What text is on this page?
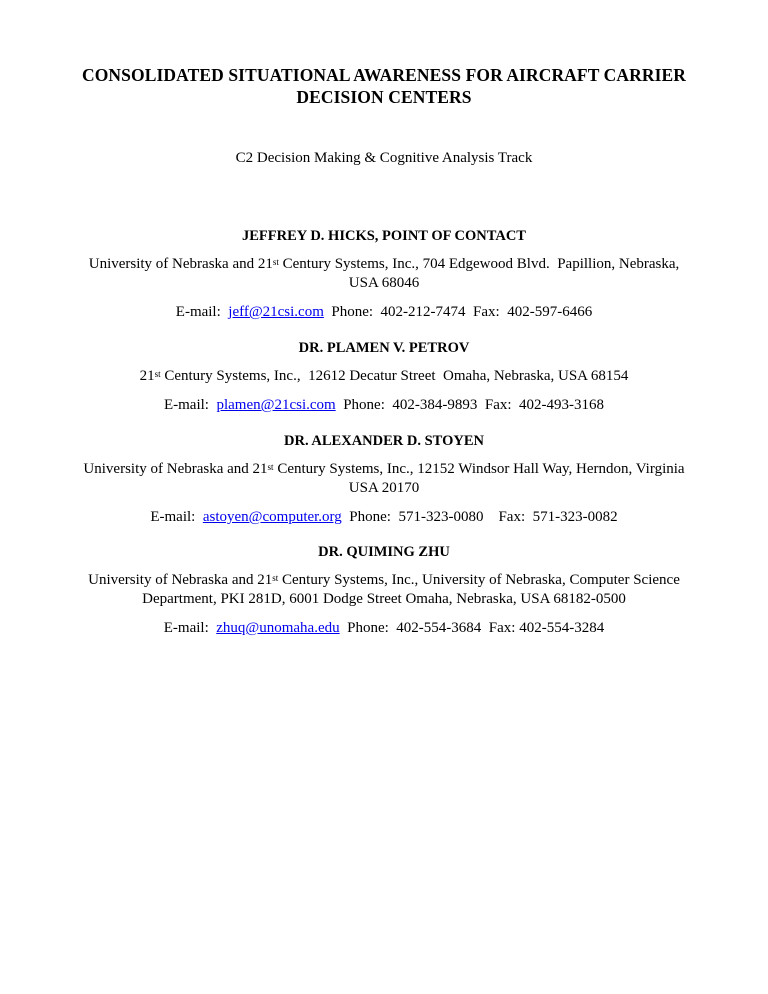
CONSOLIDATED SITUATIONAL AWARENESS FOR AIRCRAFT CARRIER
DECISION CENTERS
C2 Decision Making & Cognitive Analysis Track
JEFFREY D. HICKS, POINT OF CONTACT
University of Nebraska and 21st Century Systems, Inc., 704 Edgewood Blvd.  Papillion, Nebraska,
USA 68046
E-mail:  jeff@21csi.com  Phone:  402-212-7474  Fax:  402-597-6466
DR. PLAMEN V. PETROV
21st Century Systems, Inc.,  12612 Decatur Street  Omaha, Nebraska, USA 68154
E-mail:  plamen@21csi.com  Phone:  402-384-9893  Fax:  402-493-3168
DR. ALEXANDER D. STOYEN
University of Nebraska and 21st Century Systems, Inc., 12152 Windsor Hall Way, Herndon, Virginia
USA 20170
E-mail:  astoyen@computer.org  Phone:  571-323-0080    Fax:  571-323-0082
DR. QUIMING ZHU
University of Nebraska and 21st Century Systems, Inc., University of Nebraska, Computer Science
Department, PKI 281D, 6001 Dodge Street Omaha, Nebraska, USA 68182-0500
E-mail:  zhuq@unomaha.edu  Phone:  402-554-3684  Fax: 402-554-3284
